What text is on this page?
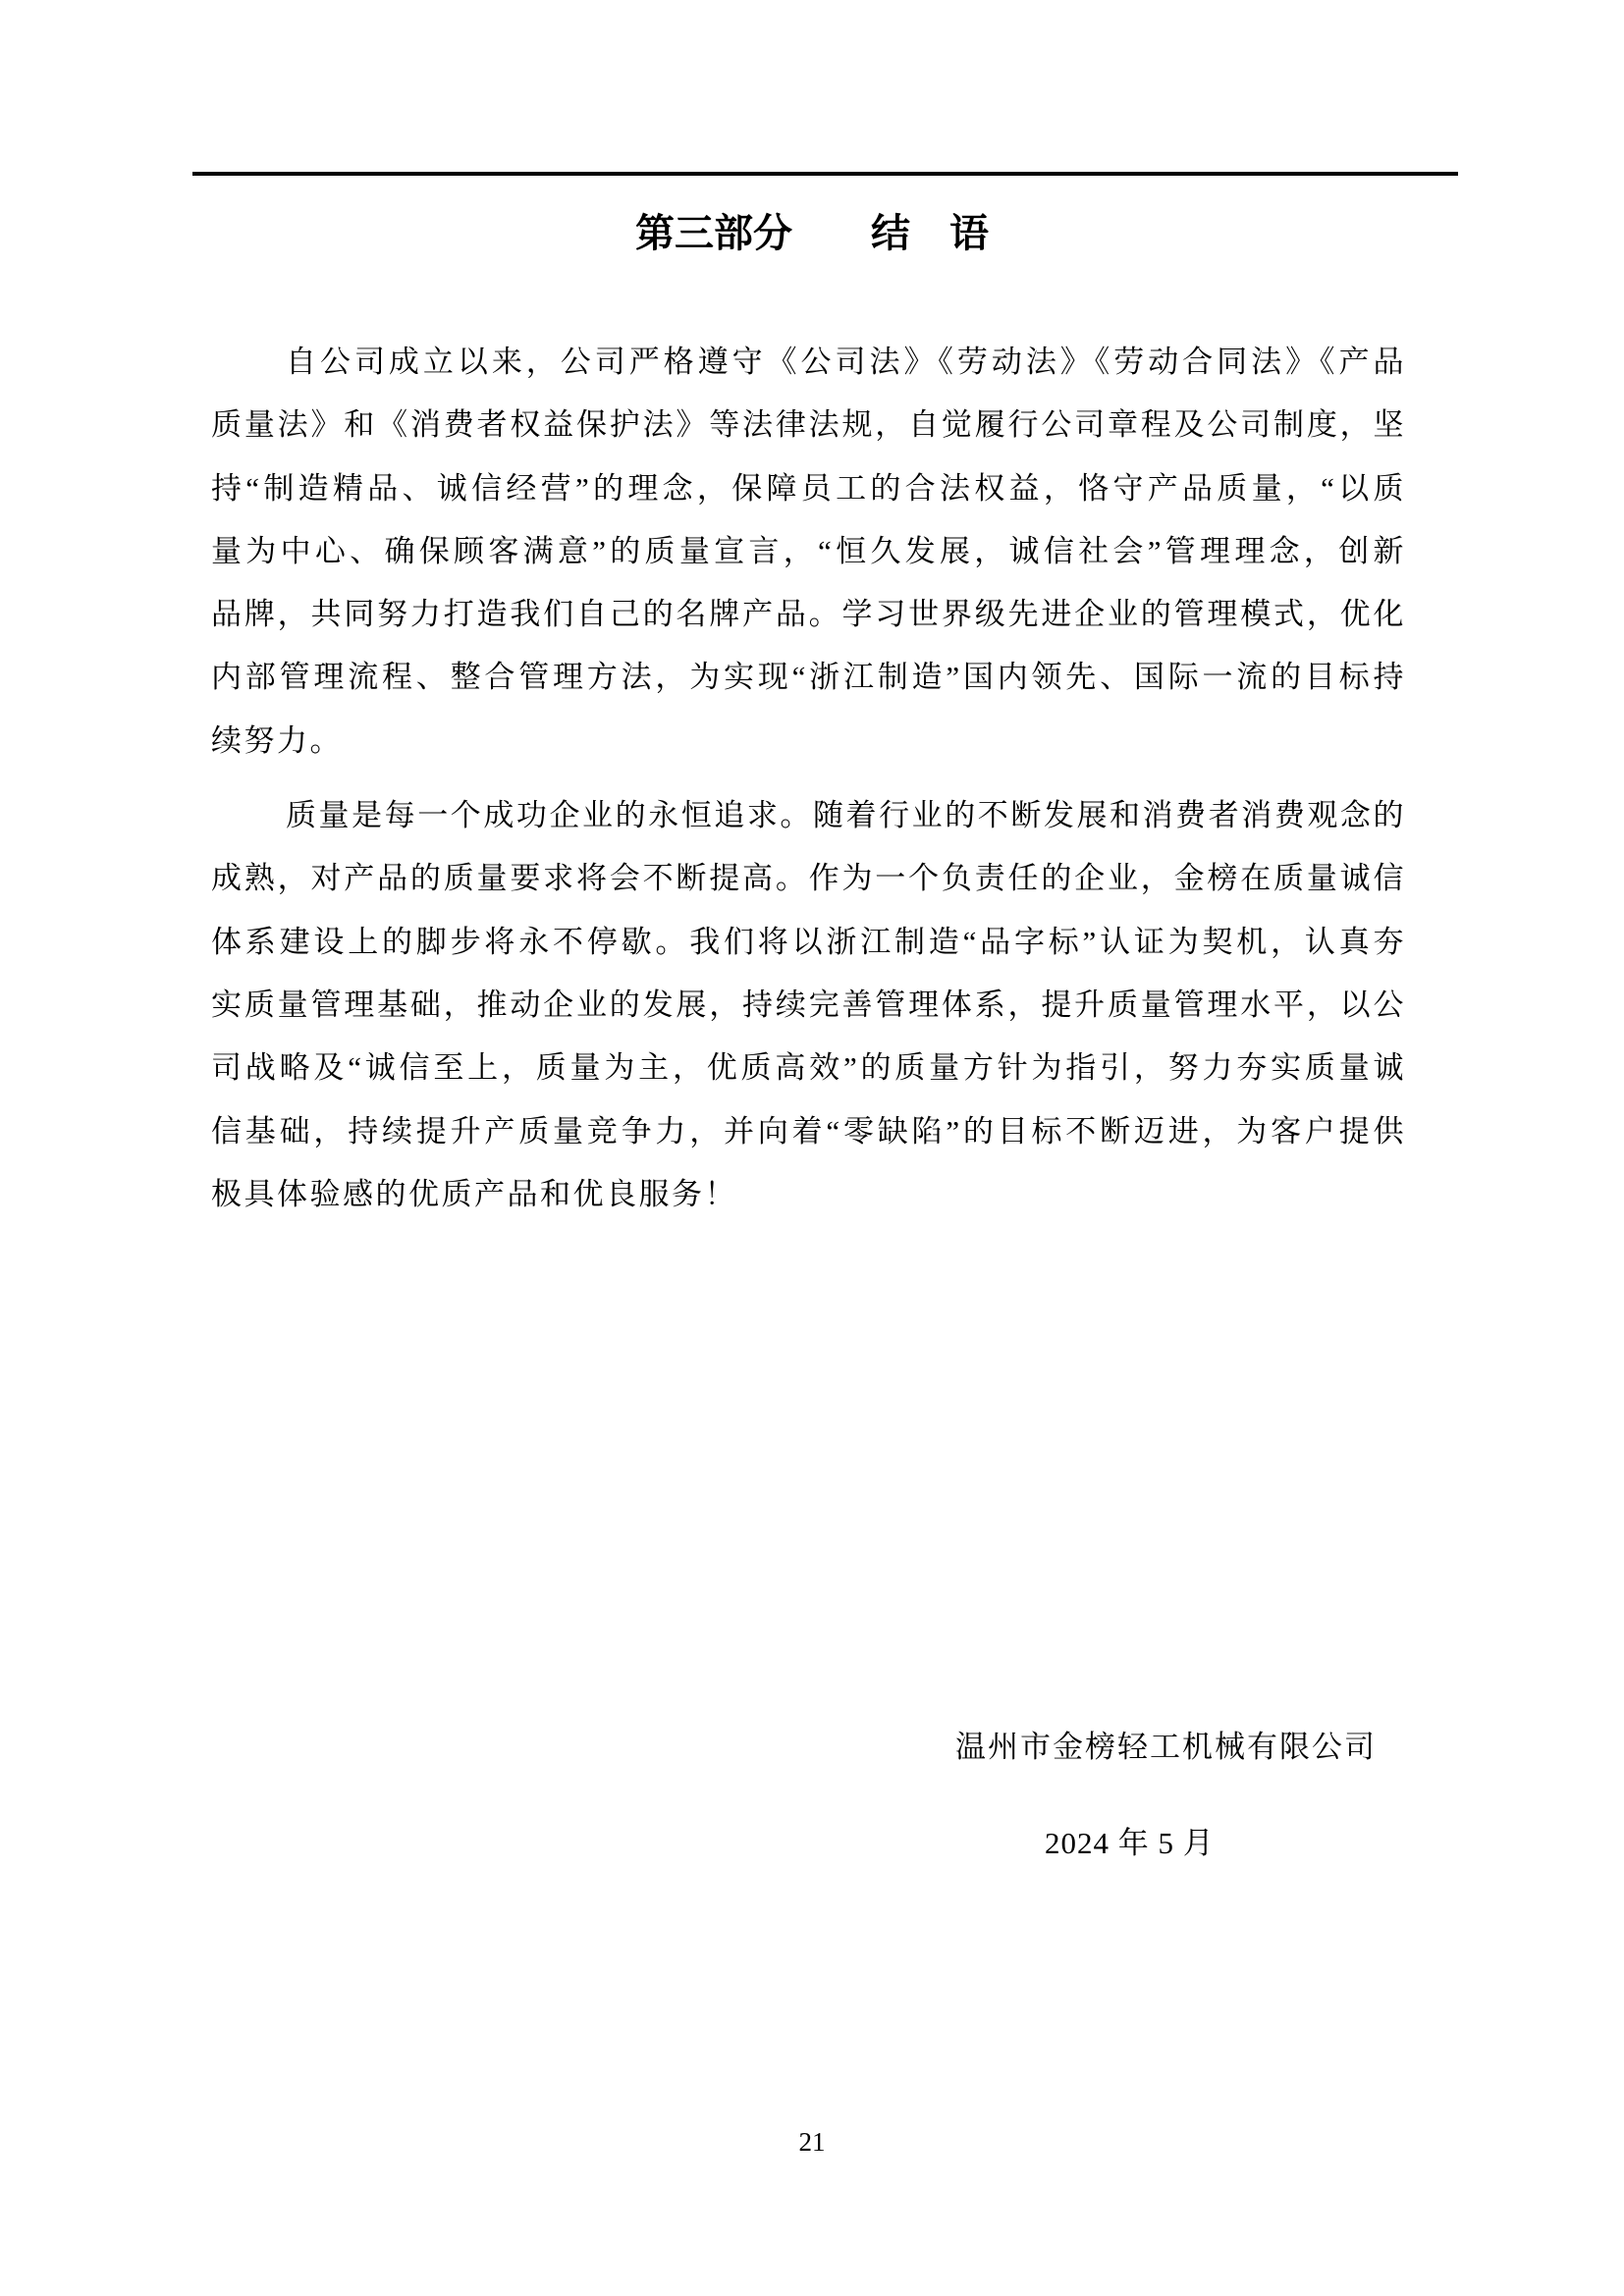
第三部分　　结　语
自公司成立以来，公司严格遵守《公司法》《劳动法》《劳动合同法》《产品
质量法》和《消费者权益保护法》等法律法规，自觉履行公司章程及公司制度，坚
持“制造精品、诚信经营”的理念，保障员工的合法权益，恪守产品质量，“以质
量为中心、确保顾客满意”的质量宣言，“恒久发展，诚信社会”管理理念，创新
品牌，共同努力打造我们自己的名牌产品。学习世界级先进企业的管理模式，优化
内部管理流程、整合管理方法，为实现“浙江制造”国内领先、国际一流的目标持
续努力。
质量是每一个成功企业的永恒追求。随着行业的不断发展和消费者消费观念的
成熟，对产品的质量要求将会不断提高。作为一个负责任的企业，金榜在质量诚信
体系建设上的脚步将永不停歇。我们将以浙江制造“品字标”认证为契机，认真夯
实质量管理基础，推动企业的发展，持续完善管理体系，提升质量管理水平，以公
司战略及“诚信至上，质量为主，优质高效”的质量方针为指引，努力夯实质量诚
信基础，持续提升产质量竞争力，并向着“零缺陷”的目标不断迈进，为客户提供
极具体验感的优质产品和优良服务！
温州市金榜轻工机械有限公司
2024 年 5 月
21
